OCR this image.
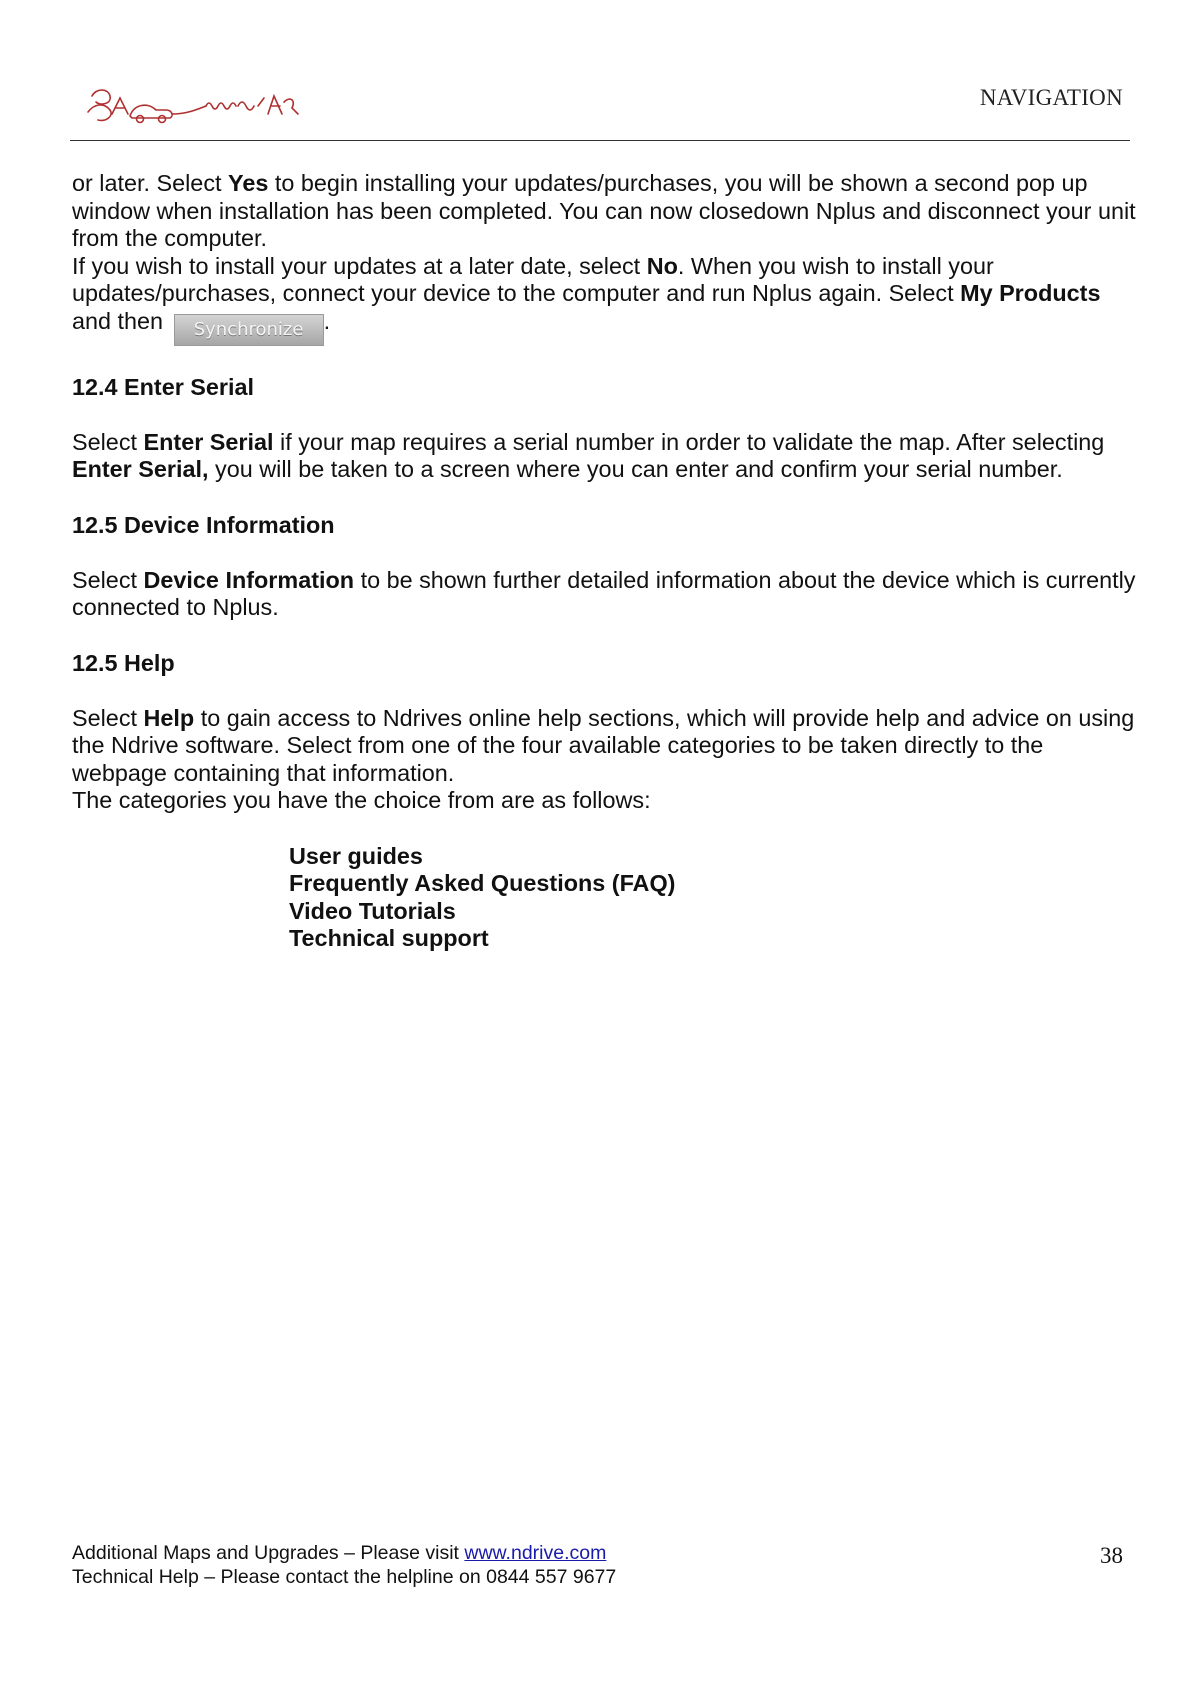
NAVIGATION

or later. Select Yes to begin installing your updates/purchases, you will be shown a second pop up window when installation has been completed. You can now closedown Nplus and disconnect your unit from the computer.

If you wish to install your updates at a later date, select No. When you wish to install your updates/purchases, connect your device to the computer and run Nplus again. Select My Products and then Synchronize .

12.4 Enter Serial

Select Enter Serial if your map requires a serial number in order to validate the map. After selecting Enter Serial, you will be taken to a screen where you can enter and confirm your serial number.

12.5 Device Information

Select Device Information to be shown further detailed information about the device which is currently connected to Nplus.

12.5 Help

Select Help to gain access to Ndrives online help sections, which will provide help and advice on using the Ndrive software. Select from one of the four available categories to be taken directly to the webpage containing that information.

The categories you have the choice from are as follows:

User guides
Frequently Asked Questions (FAQ)
Video Tutorials
Technical support
Additional Maps and Upgrades – Please visit www.ndrive.com
Technical Help – Please contact the helpline on 0844 557 9677
38
